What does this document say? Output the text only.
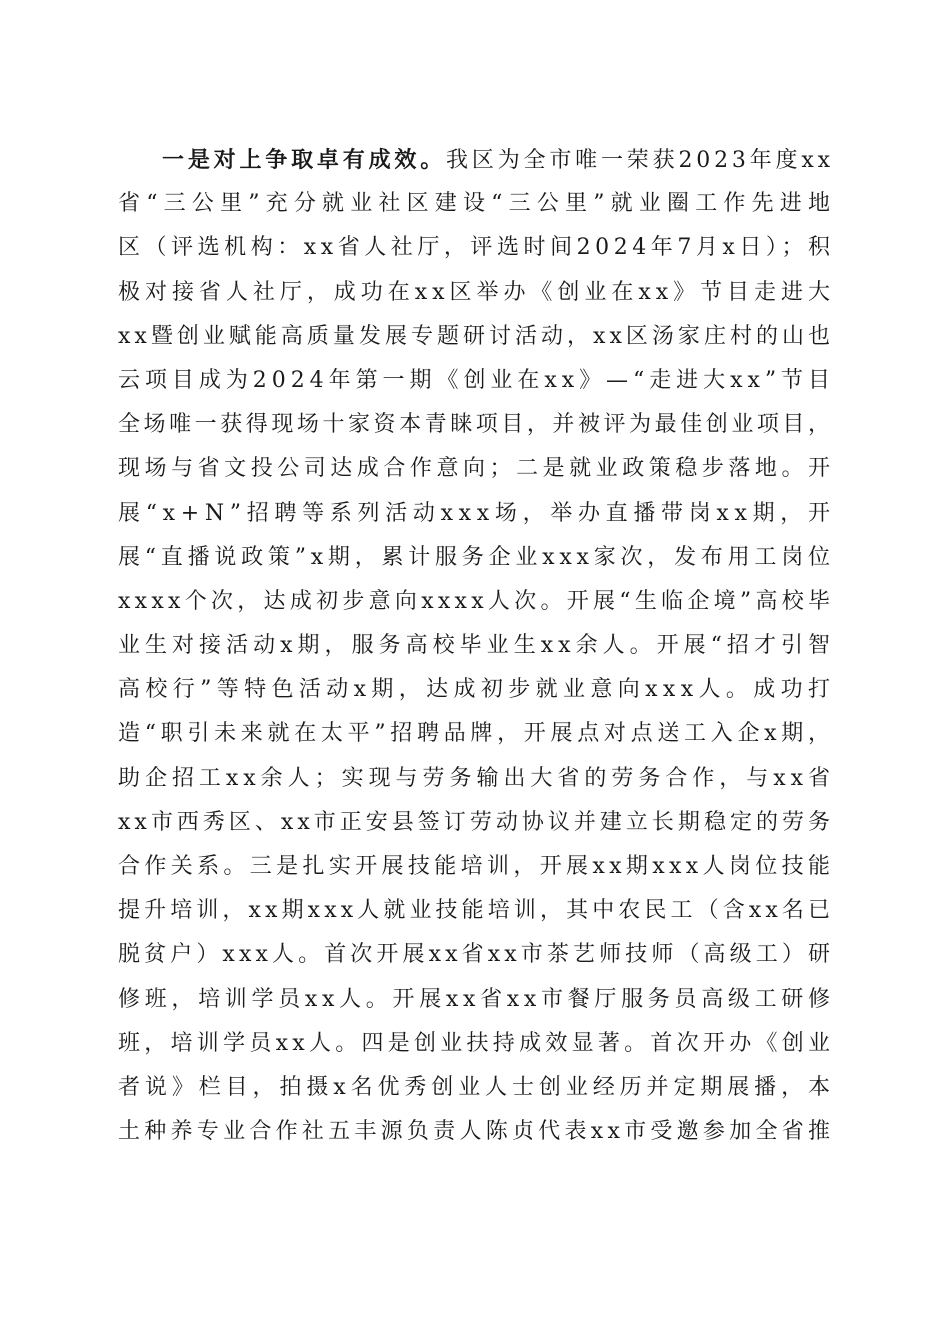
一是对上争取卓有成效。我区为全市唯一荣获2023年度xx
省“三公里”充分就业社区建设“三公里”就业圈工作先进地
区（评选机构：xx省人社厅，评选时间2024年7月x日）；积
极对接省人社厅，成功在xx区举办《创业在xx》节目走进大
xx暨创业赋能高质量发展专题研讨活动，xx区汤家庄村的山也
云项目成为2024年第一期《创业在xx》—“走进大xx”节目
全场唯一获得现场十家资本青睐项目，并被评为最佳创业项目，
现场与省文投公司达成合作意向；二是就业政策稳步落地。开
展“x+N”招聘等系列活动xxx场，举办直播带岗xx期，开
展“直播说政策”x期，累计服务企业xxx家次，发布用工岗位
xxxx个次，达成初步意向xxxx人次。开展“生临企境”高校毕
业生对接活动x期，服务高校毕业生xx余人。开展“招才引智
高校行”等特色活动x期，达成初步就业意向xxx人。成功打
造“职引未来就在太平”招聘品牌，开展点对点送工入企x期，
助企招工xx余人；实现与劳务输出大省的劳务合作，与xx省
xx市西秀区、xx市正安县签订劳动协议并建立长期稳定的劳务
合作关系。三是扎实开展技能培训，开展xx期xxx人岗位技能
提升培训，xx期xxx人就业技能培训，其中农民工（含xx名已
脱贫户）xxx人。首次开展xx省xx市茶艺师技师（高级工）研
修班，培训学员xx人。开展xx省xx市餐厅服务员高级工研修
班，培训学员xx人。四是创业扶持成效显著。首次开办《创业
者说》栏目，拍摄x名优秀创业人士创业经历并定期展播，本
土种养专业合作社五丰源负责人陈贞代表xx市受邀参加全省推
